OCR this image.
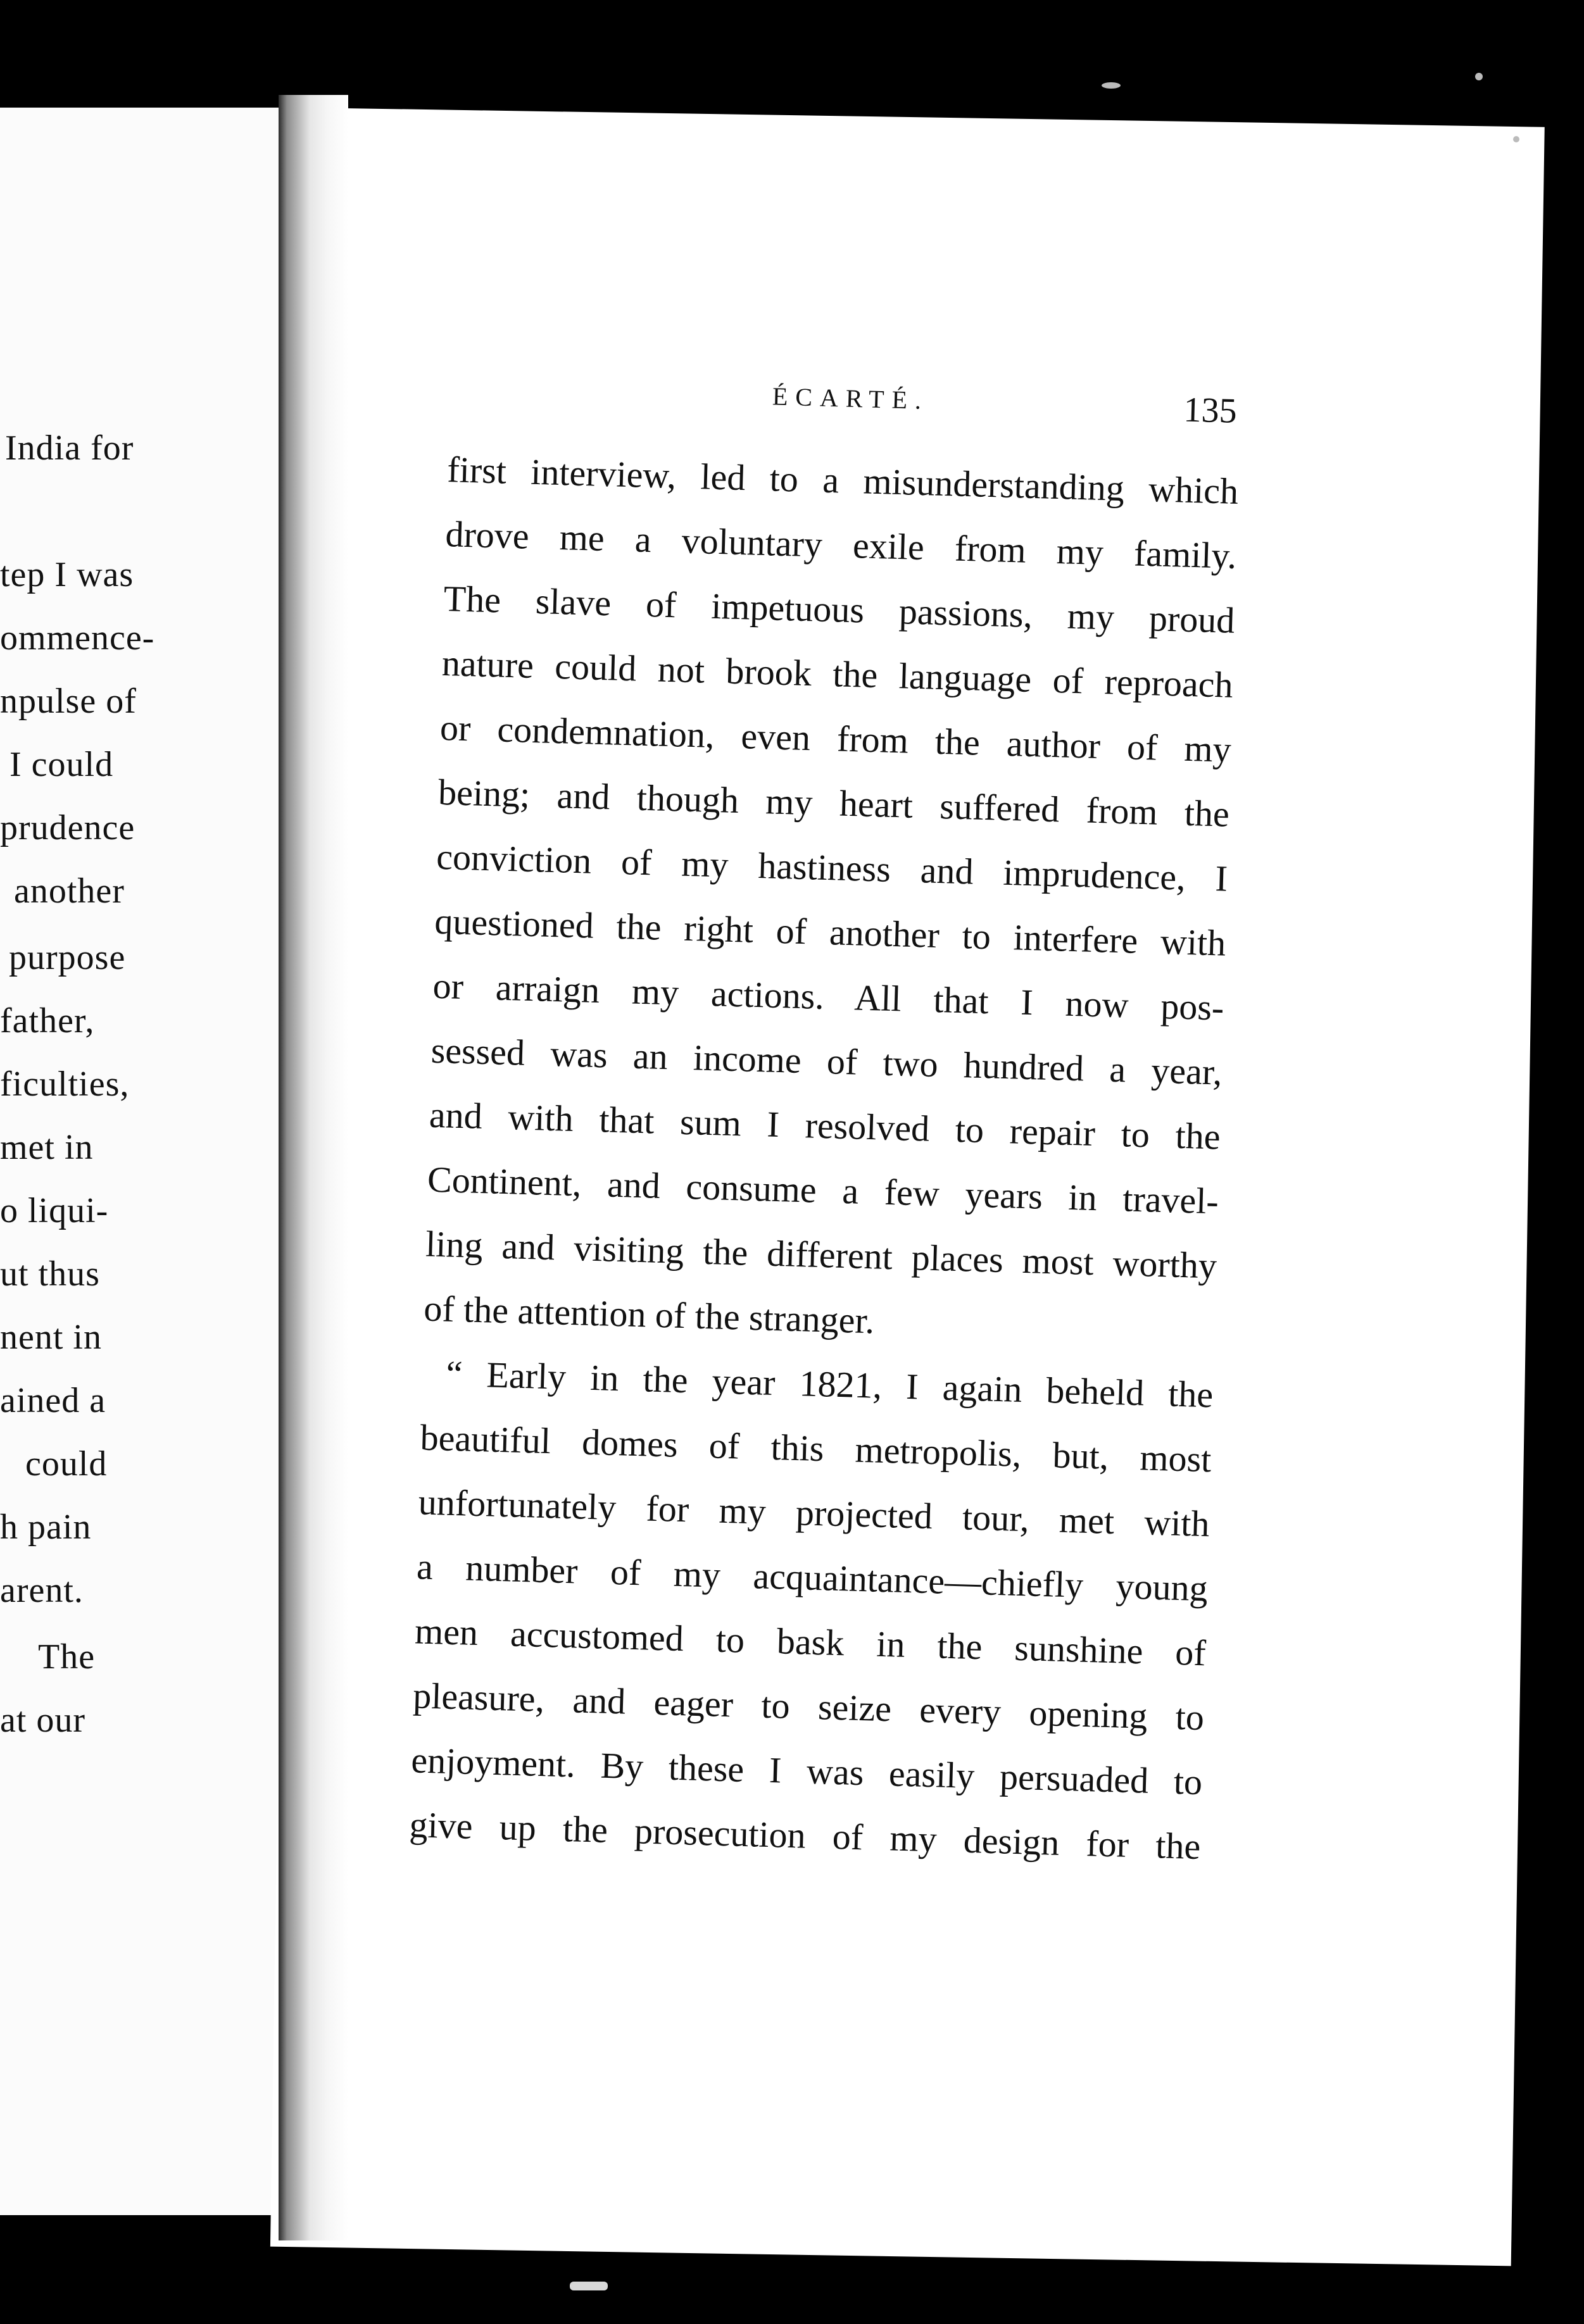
India for
tep I was
ommence-
npulse of
I could
prudence
another
purpose
father,
ficulties,
met in
o liqui-
ut thus
nent in
ained a
could
h pain
arent.
The
at our
ÉCARTÉ.	135
first interview, led to a misunderstanding which
drove me a voluntary exile from my family.
The slave of impetuous passions, my proud
nature could not brook the language of reproach
or condemnation, even from the author of my
being; and though my heart suffered from the
conviction of my hastiness and imprudence, I
questioned the right of another to interfere with
or arraign my actions. All that I now pos-
sessed was an income of two hundred a year,
and with that sum I resolved to repair to the
Continent, and consume a few years in travel-
ling and visiting the different places most worthy
of the attention of the stranger.
“ Early in the year 1821, I again beheld the
beautiful domes of this metropolis, but, most
unfortunately for my projected tour, met with
a number of my acquaintance—chiefly young
men accustomed to bask in the sunshine of
pleasure, and eager to seize every opening to
enjoyment. By these I was easily persuaded to
give up the prosecution of my design for the
